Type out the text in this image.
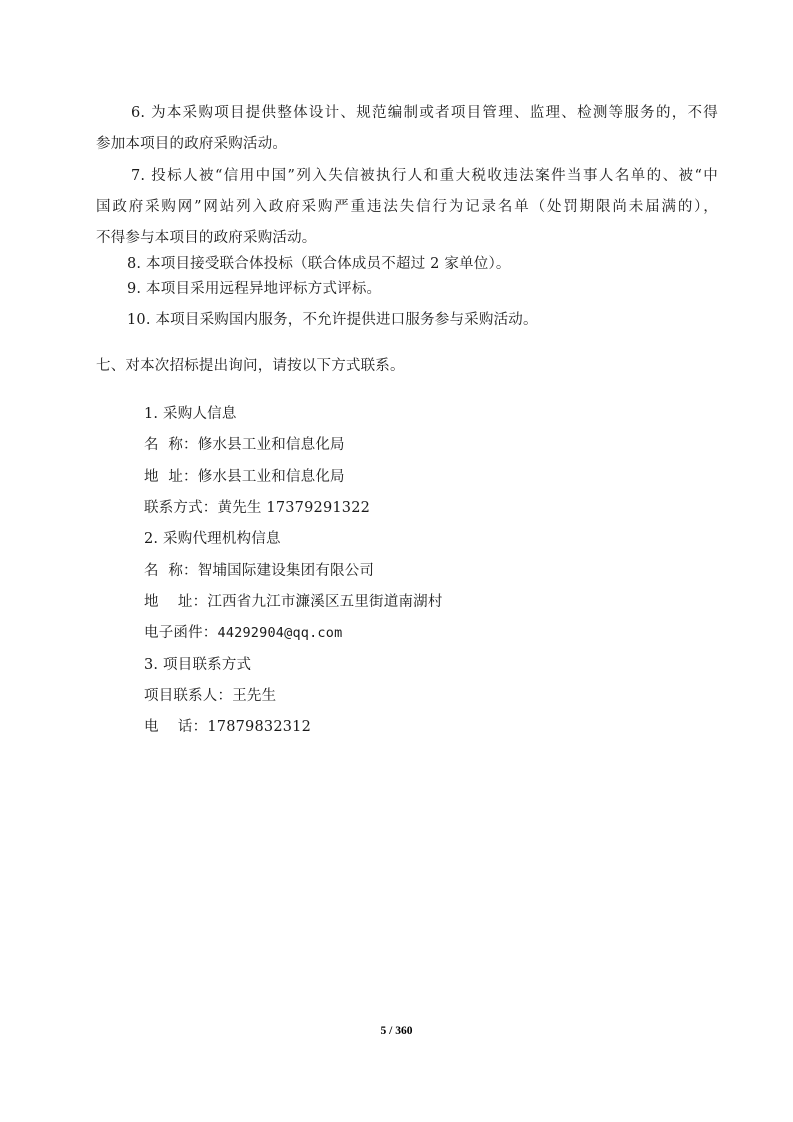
6. 为本采购项目提供整体设计、规范编制或者项目管理、监理、检测等服务的，不得
参加本项目的政府采购活动。
7. 投标人被“信用中国”列入失信被执行人和重大税收违法案件当事人名单的、被“中
国政府采购网”网站列入政府采购严重违法失信行为记录名单（处罚期限尚未届满的），
不得参与本项目的政府采购活动。
8. 本项目接受联合体投标（联合体成员不超过 2 家单位）。
9. 本项目采用远程异地评标方式评标。
10. 本项目采购国内服务，不允许提供进口服务参与采购活动。
七、对本次招标提出询问，请按以下方式联系。
1. 采购人信息
名  称：修水县工业和信息化局
地  址：修水县工业和信息化局
联系方式：黄先生 17379291322
2. 采购代理机构信息
名  称：智埔国际建设集团有限公司
地    址：江西省九江市濂溪区五里街道南湖村
电子函件：44292904@qq.com
3. 项目联系方式
项目联系人：王先生
电    话：17879832312
5 / 360
